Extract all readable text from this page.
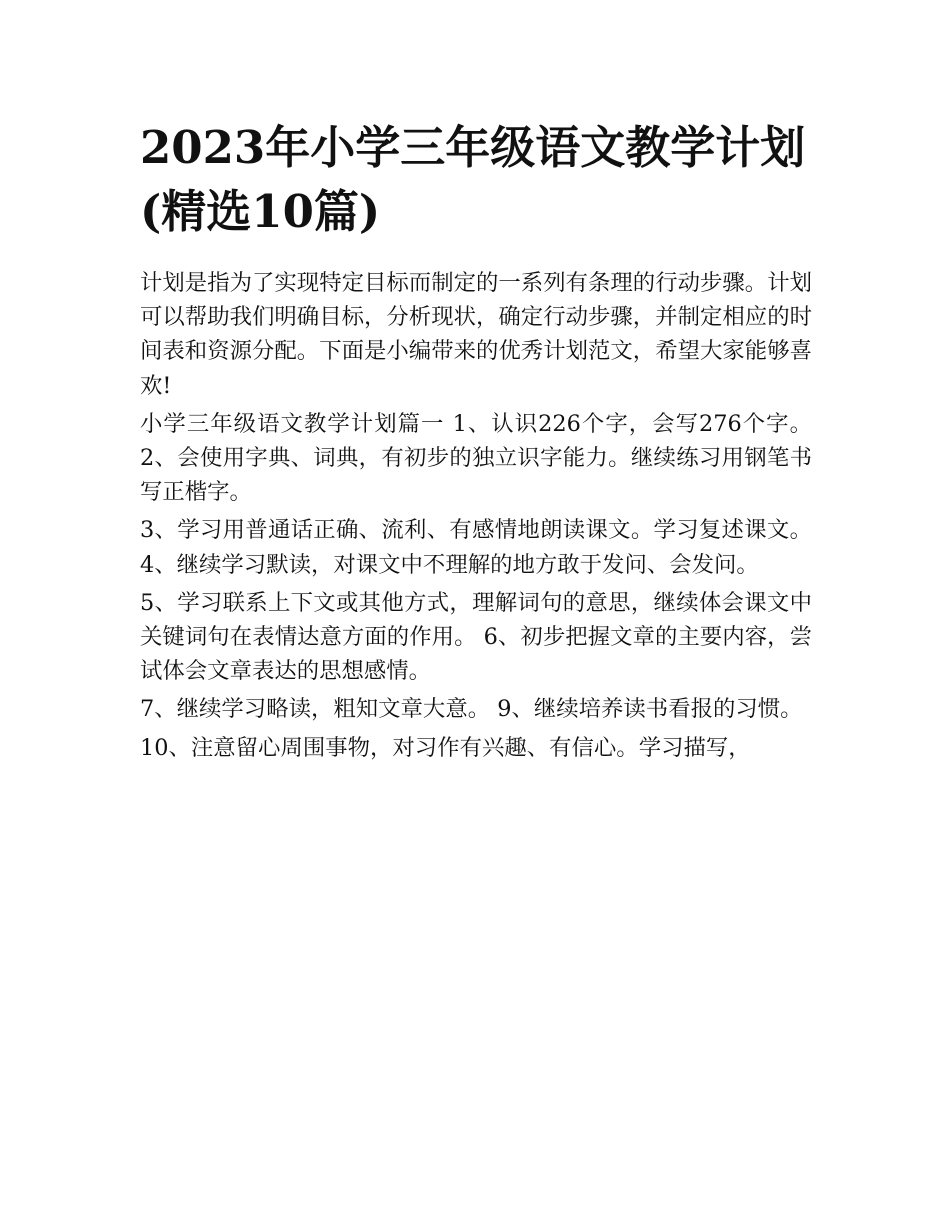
2023年小学三年级语文教学计划(精选10篇)

计划是指为了实现特定目标而制定的一系列有条理的行动步骤。计划可以帮助我们明确目标，分析现状，确定行动步骤，并制定相应的时间表和资源分配。下面是小编带来的优秀计划范文，希望大家能够喜欢!

小学三年级语文教学计划篇一 1、认识226个字，会写276个字。 2、会使用字典、词典，有初步的独立识字能力。继续练习用钢笔书写正楷字。

3、学习用普通话正确、流利、有感情地朗读课文。学习复述课文。 4、继续学习默读，对课文中不理解的地方敢于发问、会发问。

5、学习联系上下文或其他方式，理解词句的意思，继续体会课文中关键词句在表情达意方面的作用。 6、初步把握文章的主要内容，尝试体会文章表达的思想感情。

7、继续学习略读，粗知文章大意。 9、继续培养读书看报的习惯。

10、注意留心周围事物，对习作有兴趣、有信心。学习描写，
